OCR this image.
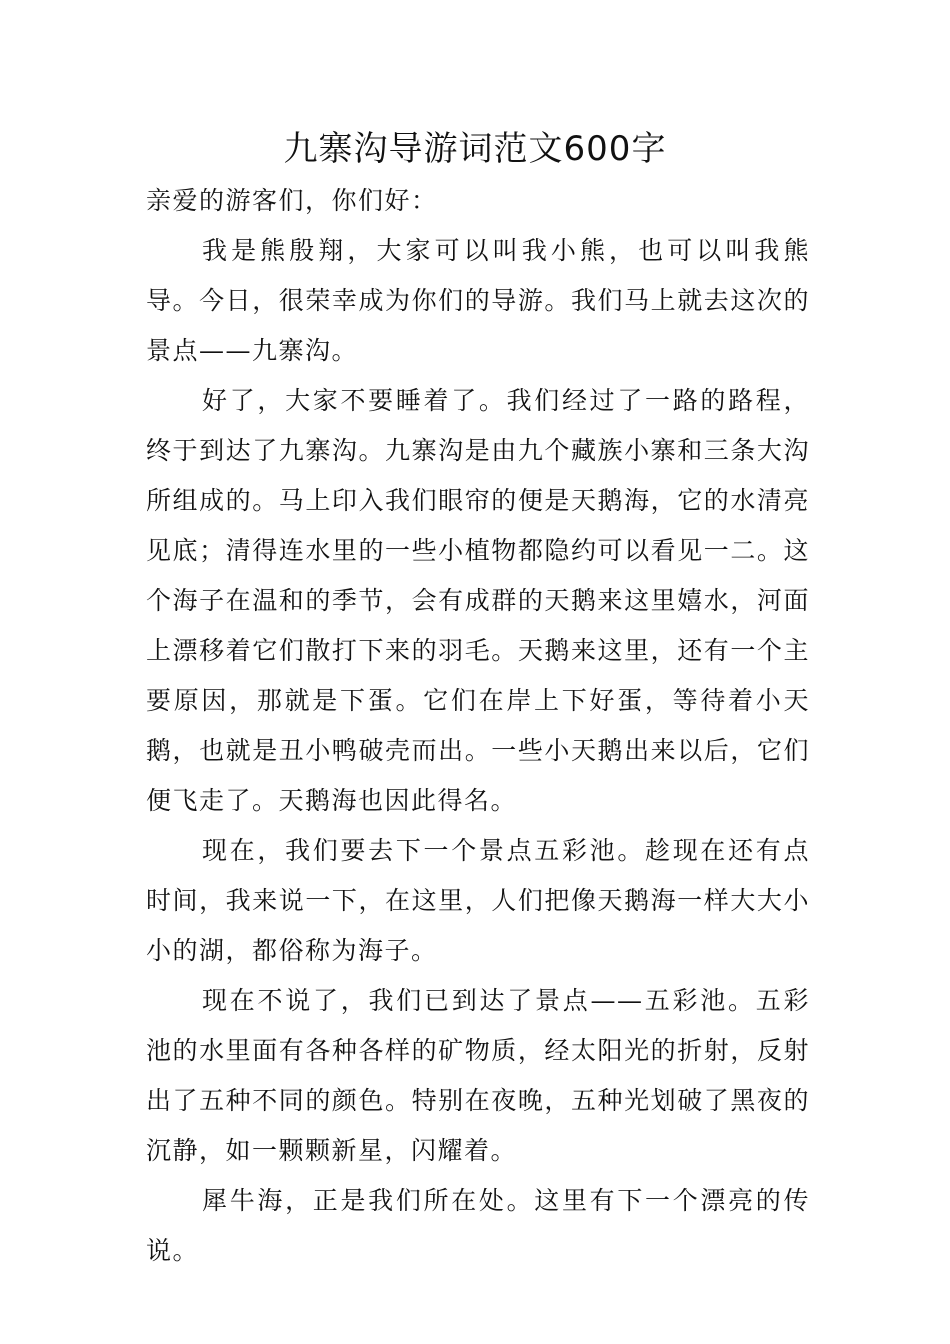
九寨沟导游词范文600字

亲爱的游客们，你们好：

我是熊殷翔，大家可以叫我小熊，也可以叫我熊导。今日，很荣幸成为你们的导游。我们马上就去这次的景点——九寨沟。

好了，大家不要睡着了。我们经过了一路的路程，终于到达了九寨沟。九寨沟是由九个藏族小寨和三条大沟所组成的。马上印入我们眼帘的便是天鹅海，它的水清亮见底；清得连水里的一些小植物都隐约可以看见一二。这个海子在温和的季节，会有成群的天鹅来这里嬉水，河面上漂移着它们散打下来的羽毛。天鹅来这里，还有一个主要原因，那就是下蛋。它们在岸上下好蛋，等待着小天鹅，也就是丑小鸭破壳而出。一些小天鹅出来以后，它们便飞走了。天鹅海也因此得名。

现在，我们要去下一个景点五彩池。趁现在还有点时间，我来说一下，在这里，人们把像天鹅海一样大大小小的湖，都俗称为海子。

现在不说了，我们已到达了景点——五彩池。五彩池的水里面有各种各样的矿物质，经太阳光的折射，反射出了五种不同的颜色。特别在夜晚，五种光划破了黑夜的沉静，如一颗颗新星，闪耀着。

犀牛海，正是我们所在处。这里有下一个漂亮的传说。
